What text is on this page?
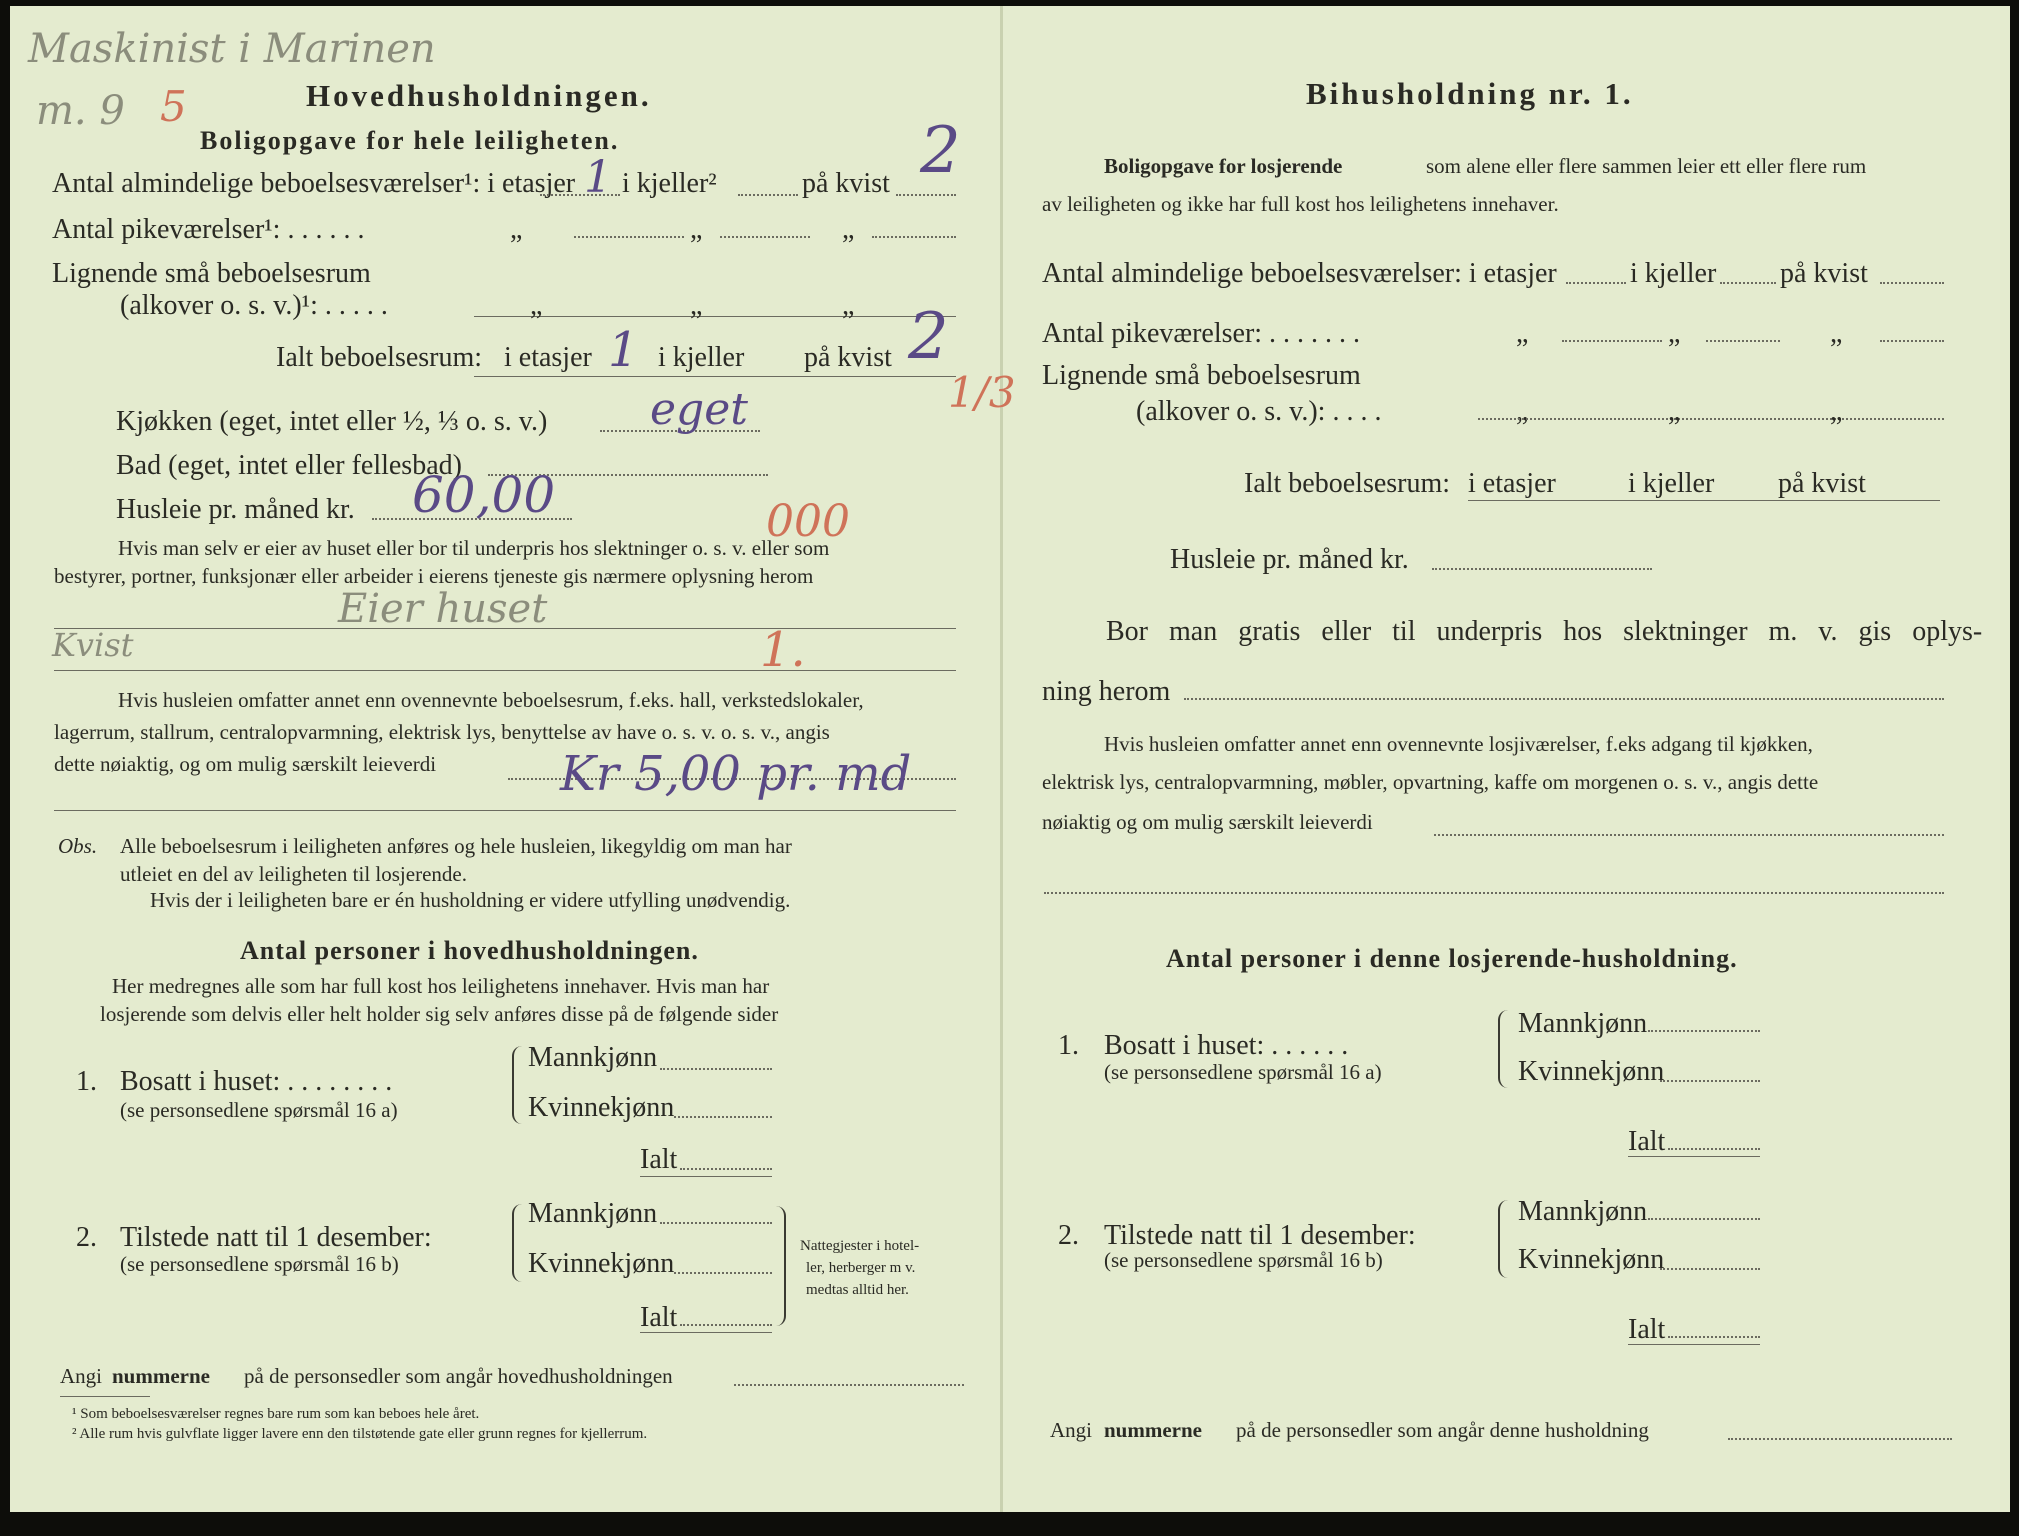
Maskinist i Marinen
m. 9 5	Hovedhusholdningen.
Boligopgave for hele leiligheten.
Antal almindelige beboelsesværelser¹: i etasjer 1 i kjeller²	på kvist 2
Antal pikeværelser¹: . . . . . .	„	„	„
Lignende små beboelsesrum
(alkover o. s. v.)¹: . . . . .	„	„	„
Ialt beboelsesrum: i etasjer 1 i kjeller på kvist 2
1/3
Kjøkken (eget, intet eller ½, ⅓ o. s. v.) eget
Bad (eget, intet eller fellesbad)
Husleie pr. måned kr. 60,00	000
Hvis man selv er eier av huset eller bor til underpris hos slektninger o. s. v. eller som
bestyrer, portner, funksjonær eller arbeider i eierens tjeneste gis nærmere oplysning herom
Eier huset
Kvist	1.
Hvis husleien omfatter annet enn ovennevnte beboelsesrum, f.eks. hall, verkstedslokaler,
lagerrum, stallrum, centralopvarmning, elektrisk lys, benyttelse av have o. s. v. o. s. v., angis
dette nøiaktig, og om mulig særskilt leieverdi	Kr 5,00 pr. md
Obs. Alle beboelsesrum i leiligheten anføres og hele husleien, likegyldig om man har
utleiet en del av leiligheten til losjerende.
Hvis der i leiligheten bare er én husholdning er videre utfylling unødvendig.
Antal personer i hovedhusholdningen.
Her medregnes alle som har full kost hos leilighetens innehaver. Hvis man har
losjerende som delvis eller helt holder sig selv anføres disse på de følgende sider
1. Bosatt i huset: . . . . . . . .
(se personsedlene spørsmål 16 a)
Mannkjønn
Kvinnekjønn
Ialt
2. Tilstede natt til 1 desember:
(se personsedlene spørsmål 16 b)
Mannkjønn
Kvinnekjønn
Ialt
Nattegjester i hotel-
ler, herberger m v.
medtas alltid her.
Angi nummerne på de personsedler som angår hovedhusholdningen
¹ Som beboelsesværelser regnes bare rum som kan beboes hele året.
² Alle rum hvis gulvflate ligger lavere enn den tilstøtende gate eller grunn regnes for kjellerrum.
Bihusholdning nr. 1.
Boligopgave for losjerende	som alene eller flere sammen leier ett eller flere rum
av leiligheten og ikke har full kost hos leilighetens innehaver.
Antal almindelige beboelsesværelser: i etasjer	i kjeller på kvist
Antal pikeværelser: . . . . . . .	„	„	„
Lignende små beboelsesrum
(alkover o. s. v.): . . . .	„	„	„
Ialt beboelsesrum: i etasjer	i kjeller på kvist
Husleie pr. måned kr.
Bor man gratis eller til underpris hos slektninger m. v. gis oplys-
ning herom
Hvis husleien omfatter annet enn ovennevnte losjiværelser, f.eks adgang til kjøkken,
elektrisk lys, centralopvarmning, møbler, opvartning, kaffe om morgenen o. s. v., angis dette
nøiaktig og om mulig særskilt leieverdi
Antal personer i denne losjerende-husholdning.
1. Bosatt i huset: . . . . . .
(se personsedlene spørsmål 16 a)
Mannkjønn
Kvinnekjønn
Ialt
2. Tilstede natt til 1 desember:
(se personsedlene spørsmål 16 b)
Mannkjønn
Kvinnekjønn
Ialt
Angi nummerne på de personsedler som angår denne husholdning
